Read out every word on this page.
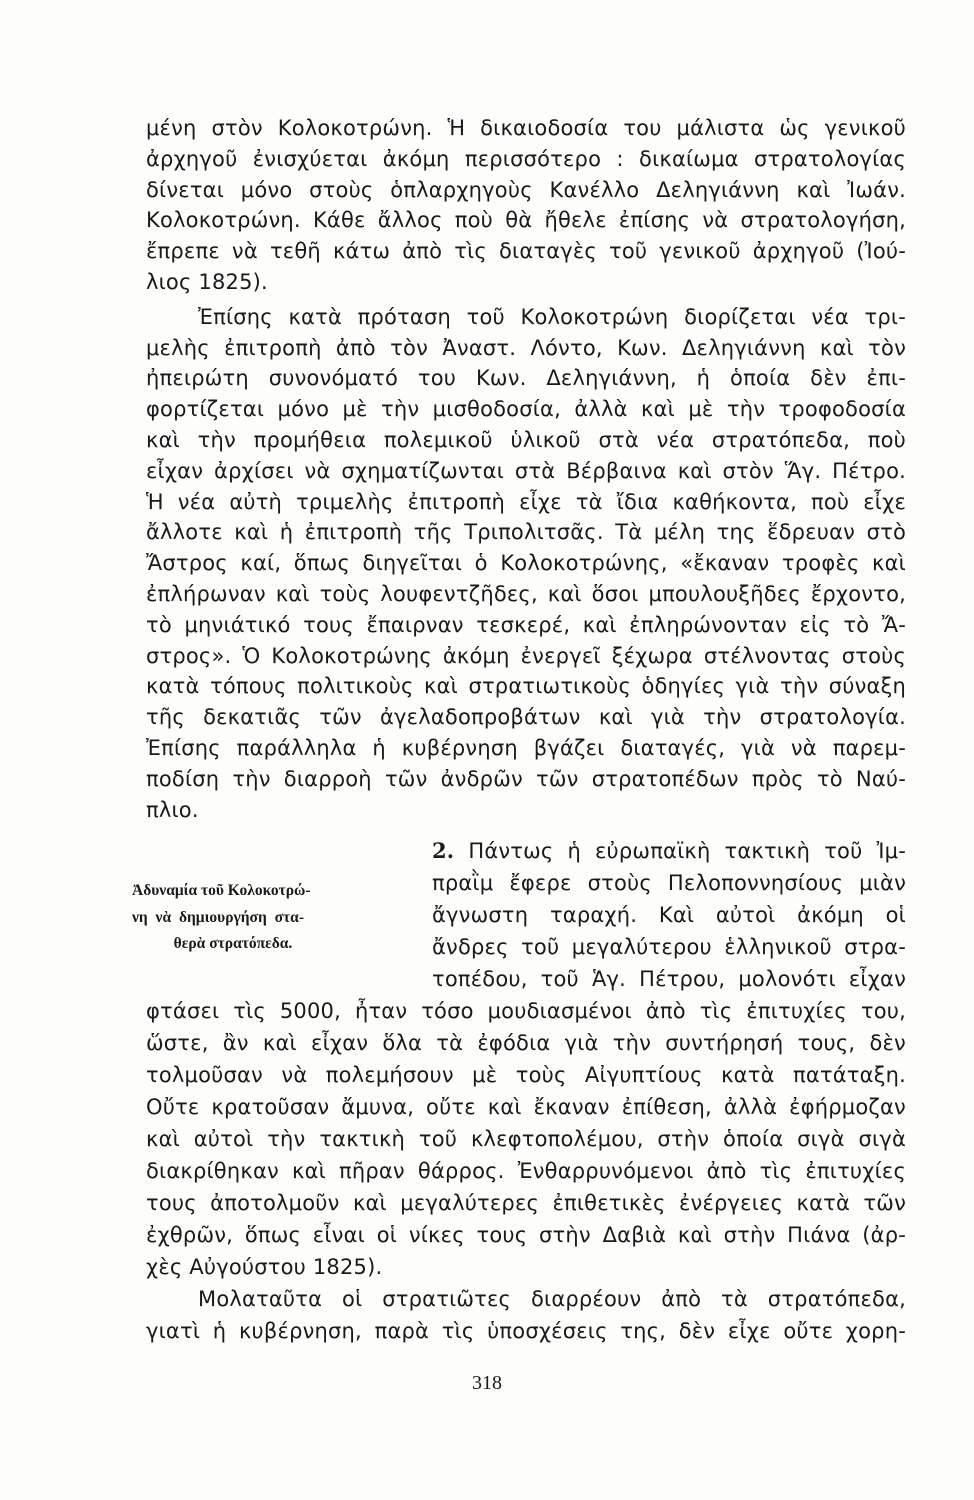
μένη στὸν Κολοκοτρώνη. Ἡ δικαιοδοσία του μάλιστα ὡς γενικοῦ
ἀρχηγοῦ ἐνισχύεται ἀκόμη περισσότερο : δικαίωμα στρατολογίας
δίνεται μόνο στοὺς ὁπλαρχηγοὺς Κανέλλο Δεληγιάννη καὶ Ἰωάν.
Κολοκοτρώνη. Κάθε ἄλλος ποὺ θὰ ἤθελε ἐπίσης νὰ στρατολογήση,
ἔπρεπε νὰ τεθῆ κάτω ἀπὸ τὶς διαταγὲς τοῦ γενικοῦ ἀρχηγοῦ (Ἰού-
λιος 1825).
Ἐπίσης κατὰ πρόταση τοῦ Κολοκοτρώνη διορίζεται νέα τρι-
μελὴς ἐπιτροπὴ ἀπὸ τὸν Ἀναστ. Λόντο, Κων. Δεληγιάννη καὶ τὸν
ἠπειρώτη συνονόματό του Κων. Δεληγιάννη, ἡ ὁποία δὲν ἐπι-
φορτίζεται μόνο μὲ τὴν μισθοδοσία, ἀλλὰ καὶ μὲ τὴν τροφοδοσία
καὶ τὴν προμήθεια πολεμικοῦ ὑλικοῦ στὰ νέα στρατόπεδα, ποὺ
εἶχαν ἀρχίσει νὰ σχηματίζωνται στὰ Βέρβαινα καὶ στὸν Ἅγ. Πέτρο.
Ἡ νέα αὐτὴ τριμελὴς ἐπιτροπὴ εἶχε τὰ ἴδια καθήκοντα, ποὺ εἶχε
ἄλλοτε καὶ ἡ ἐπιτροπὴ τῆς Τριπολιτσᾶς. Τὰ μέλη της ἕδρευαν στὸ
Ἄστρος καί, ὅπως διηγεῖται ὁ Κολοκοτρώνης, «ἔκαναν τροφὲς καὶ
ἐπλήρωναν καὶ τοὺς λουφεντζῆδες, καὶ ὅσοι μπουλουξῆδες ἔρχοντο,
τὸ μηνιάτικό τους ἔπαιρναν τεσκερέ, καὶ ἐπληρώνονταν εἰς τὸ Ἄ-
στρος». Ὁ Κολοκοτρώνης ἀκόμη ἐνεργεῖ ξέχωρα στέλνοντας στοὺς
κατὰ τόπους πολιτικοὺς καὶ στρατιωτικοὺς ὁδηγίες γιὰ τὴν σύναξη
τῆς δεκατιᾶς τῶν ἀγελαδοπροβάτων καὶ γιὰ τὴν στρατολογία.
Ἐπίσης παράλληλα ἡ κυβέρνηση βγάζει διαταγές, γιὰ νὰ παρεμ-
ποδίση τὴν διαρροὴ τῶν ἀνδρῶν τῶν στρατοπέδων πρὸς τὸ Ναύ-
πλιο.
2. Πάντως ἡ εὐρωπαϊκὴ τακτικὴ τοῦ Ἰμ-
πραῒμ ἔφερε στοὺς Πελοποννησίους μιὰν
ἄγνωστη ταραχή. Καὶ αὐτοὶ ἀκόμη οἱ
ἄνδρες τοῦ μεγαλύτερου ἑλληνικοῦ στρα-
τοπέδου, τοῦ Ἁγ. Πέτρου, μολονότι εἶχαν
φτάσει τὶς 5000, ἦταν τόσο μουδιασμένοι ἀπὸ τὶς ἐπιτυχίες του,
ὥστε, ἂν καὶ εἶχαν ὅλα τὰ ἐφόδια γιὰ τὴν συντήρησή τους, δὲν
τολμοῦσαν νὰ πολεμήσουν μὲ τοὺς Αἰγυπτίους κατὰ πατάταξη.
Οὔτε κρατοῦσαν ἄμυνα, οὔτε καὶ ἔκαναν ἐπίθεση, ἀλλὰ ἐφήρμοζαν
καὶ αὐτοὶ τὴν τακτικὴ τοῦ κλεφτοπολέμου, στὴν ὁποία σιγὰ σιγὰ
διακρίθηκαν καὶ πῆραν θάρρος. Ἐνθαρρυνόμενοι ἀπὸ τὶς ἐπιτυχίες
τους ἀποτολμοῦν καὶ μεγαλύτερες ἐπιθετικὲς ἐνέργειες κατὰ τῶν
ἐχθρῶν, ὅπως εἶναι οἱ νίκες τους στὴν Δαβιὰ καὶ στὴν Πιάνα (ἀρ-
χὲς Αὐγούστου 1825).
Μολαταῦτα οἱ στρατιῶτες διαρρέουν ἀπὸ τὰ στρατόπεδα,
γιατὶ ἡ κυβέρνηση, παρὰ τὶς ὑποσχέσεις της, δὲν εἶχε οὔτε χορη-
Ἀδυναμία τοῦ Κολοκοτρώ-
νη νὰ δημιουργήση στα-
θερὰ στρατόπεδα.
318
